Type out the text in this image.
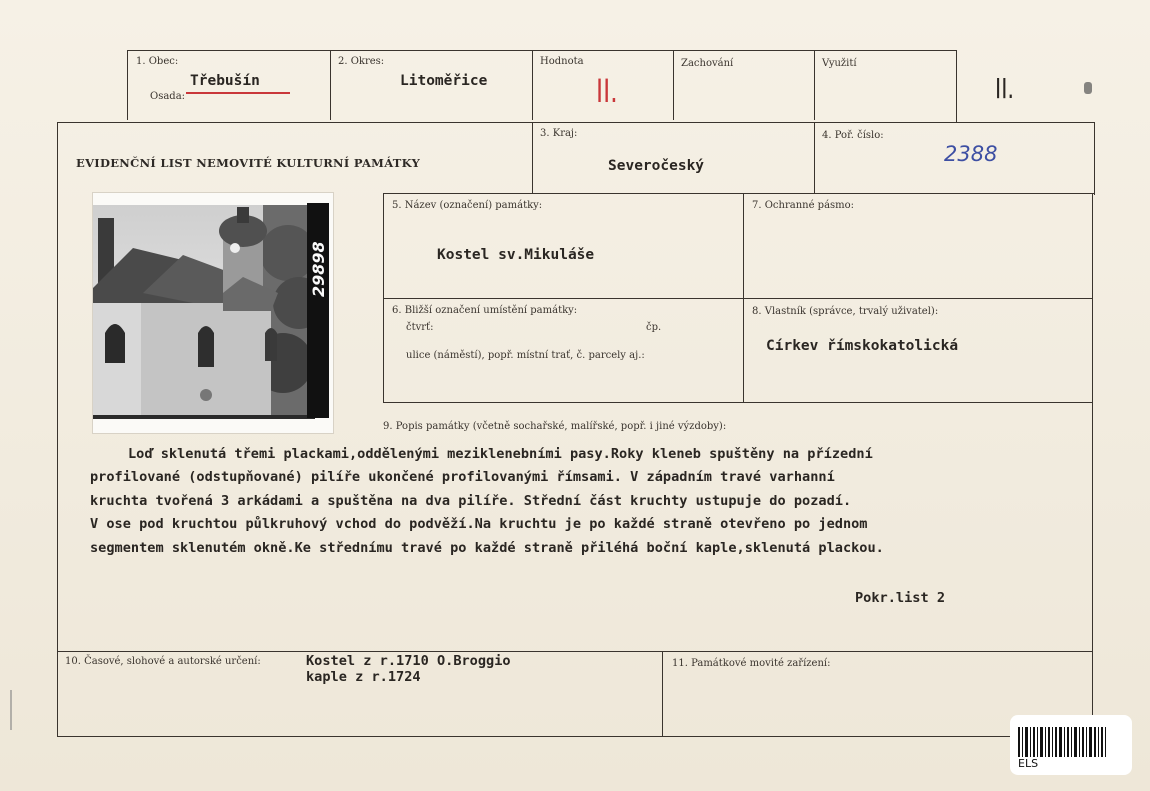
1. Obec:
Třebušín
Osada:
2. Okres:
Litoměřice
Hodnota
II.
Zachování	Využití
II.
EVIDENČNÍ LIST NEMOVITÉ KULTURNÍ PAMÁTKY
3. Kraj:
Severočeský
4. Poř. číslo:
2388
29898
5. Název (označení) památky:
Kostel sv.Mikuláše
7. Ochranné pásmo:
6. Bližší označení umístění památky:
čtvrť:	čp.
ulice (náměstí), popř. místní trať, č. parcely aj.:
8. Vlastník (správce, trvalý uživatel):
Církev římskokatolická
9. Popis památky (včetně sochařské, malířské, popř. i jiné výzdoby):
Loď sklenutá třemi plackami,oddělenými meziklenebními pasy.Roky kleneb spuštěny na přízední
profilované (odstupňované) pilíře ukončené profilovanými římsami. V západním travé varhanní
kruchta tvořená 3 arkádami a spuštěna na dva pilíře. Střední část kruchty ustupuje do pozadí.
V ose pod kruchtou půlkruhový vchod do podvěží.Na kruchtu je po každé straně otevřeno po jednom
segmentem sklenutém okně.Ke střednímu travé po každé straně přiléhá boční kaple,sklenutá plackou.
Pokr.list 2
10. Časové, slohové a autorské určení:	Kostel z r.1710 O.Broggio
kaple z r.1724
11. Památkové movité zařízení:
ELS
